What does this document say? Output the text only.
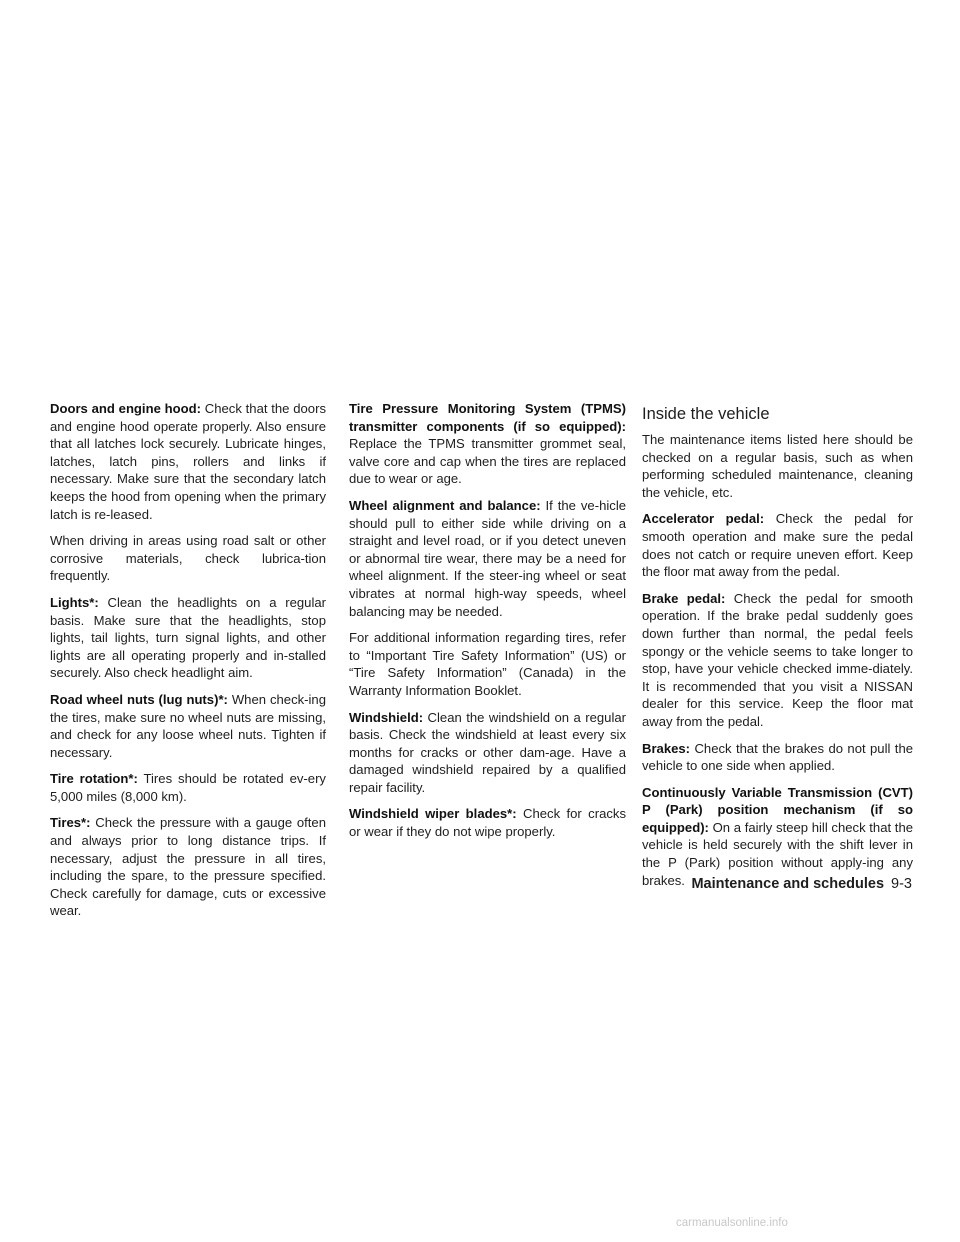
Doors and engine hood: Check that the doors and engine hood operate properly. Also ensure that all latches lock securely. Lubricate hinges, latches, latch pins, rollers and links if necessary. Make sure that the secondary latch keeps the hood from opening when the primary latch is re-leased.

When driving in areas using road salt or other corrosive materials, check lubrica-tion frequently.

Lights*: Clean the headlights on a regular basis. Make sure that the headlights, stop lights, tail lights, turn signal lights, and other lights are all operating properly and in-stalled securely. Also check headlight aim.

Road wheel nuts (lug nuts)*: When check-ing the tires, make sure no wheel nuts are missing, and check for any loose wheel nuts. Tighten if necessary.

Tire rotation*: Tires should be rotated ev-ery 5,000 miles (8,000 km).

Tires*: Check the pressure with a gauge often and always prior to long distance trips. If necessary, adjust the pressure in all tires, including the spare, to the pressure specified. Check carefully for damage, cuts or excessive wear.

Tire Pressure Monitoring System (TPMS) transmitter components (if so equipped): Replace the TPMS transmitter grommet seal, valve core and cap when the tires are replaced due to wear or age.

Wheel alignment and balance: If the ve-hicle should pull to either side while driving on a straight and level road, or if you detect uneven or abnormal tire wear, there may be a need for wheel alignment. If the steer-ing wheel or seat vibrates at normal high-way speeds, wheel balancing may be needed.

For additional information regarding tires, refer to “Important Tire Safety Information” (US) or “Tire Safety Information” (Canada) in the Warranty Information Booklet.

Windshield: Clean the windshield on a regular basis. Check the windshield at least every six months for cracks or other dam-age. Have a damaged windshield repaired by a qualified repair facility.

Windshield wiper blades*: Check for cracks or wear if they do not wipe properly.

Inside the vehicle

The maintenance items listed here should be checked on a regular basis, such as when performing scheduled maintenance, cleaning the vehicle, etc.

Accelerator pedal: Check the pedal for smooth operation and make sure the pedal does not catch or require uneven effort. Keep the floor mat away from the pedal.

Brake pedal: Check the pedal for smooth operation. If the brake pedal suddenly goes down further than normal, the pedal feels spongy or the vehicle seems to take longer to stop, have your vehicle checked imme-diately. It is recommended that you visit a NISSAN dealer for this service. Keep the floor mat away from the pedal.

Brakes: Check that the brakes do not pull the vehicle to one side when applied.

Continuously Variable Transmission (CVT) P (Park) position mechanism (if so equipped): On a fairly steep hill check that the vehicle is held securely with the shift lever in the P (Park) position without apply-ing any brakes. Maintenance and schedules 9-3
carmanualsonline.info
